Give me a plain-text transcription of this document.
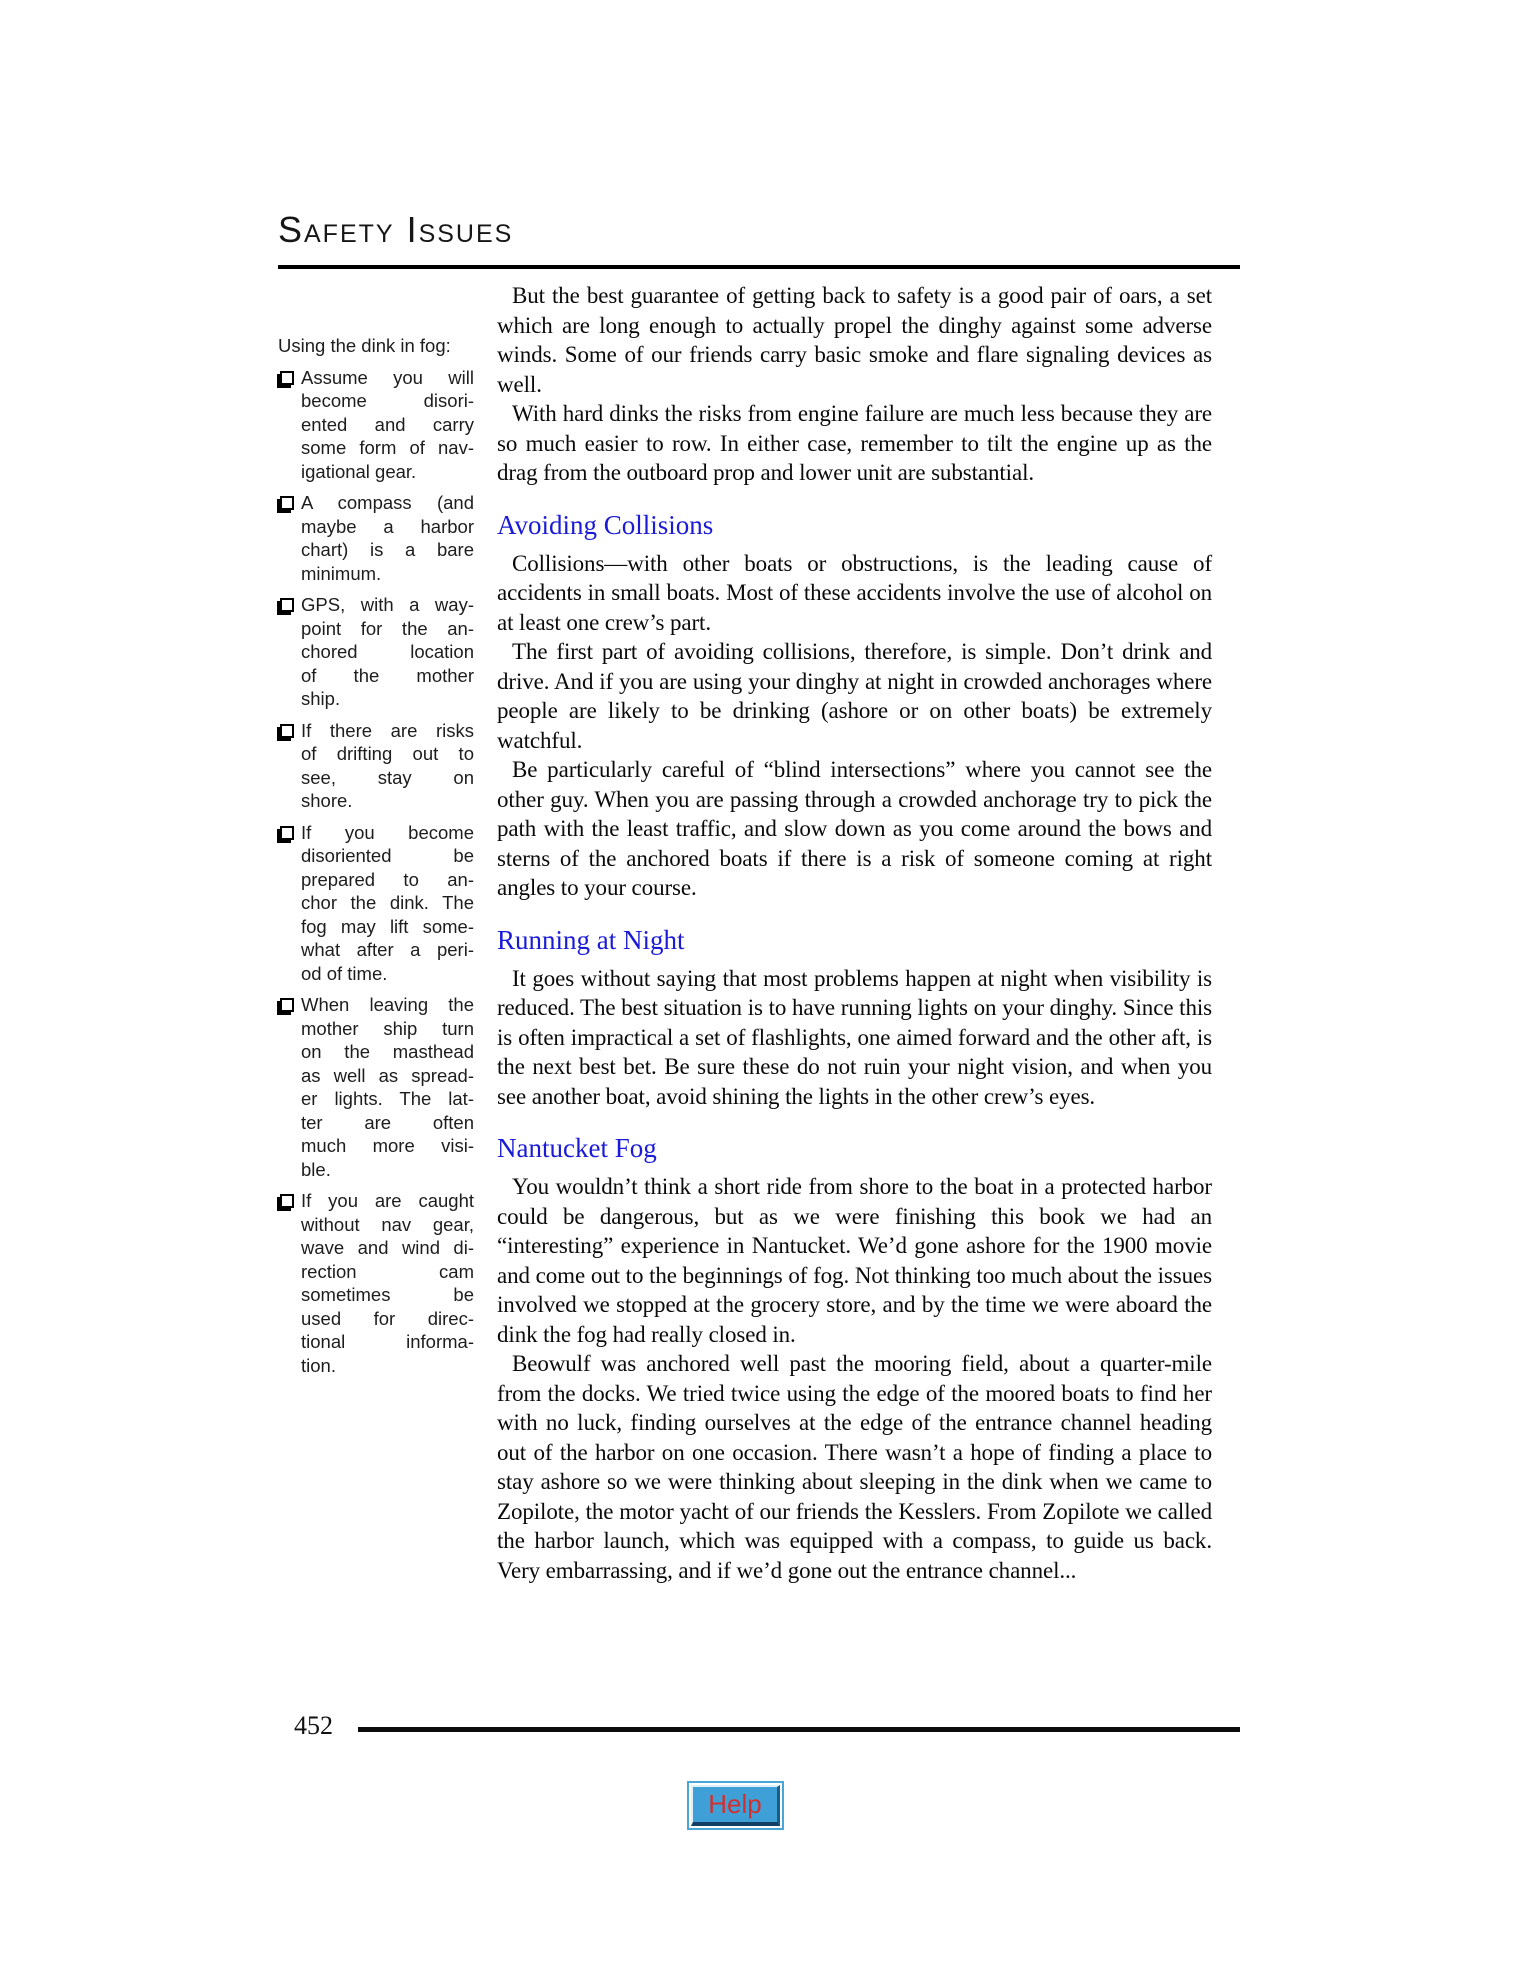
Safety Issues
Using the dink in fog:
Assume you will
become disori-
ented and carry
some form of nav-
igational gear.
A compass (and
maybe a harbor
chart) is a bare
minimum.
GPS, with a way-
point for the an-
chored location
of the mother
ship.
If there are risks
of drifting out to
see, stay on
shore.
If you become
disoriented be
prepared to an-
chor the dink. The
fog may lift some-
what after a peri-
od of time.
When leaving the
mother ship turn
on the masthead
as well as spread-
er lights. The lat-
ter are often
much more visi-
ble.
If you are caught
without nav gear,
wave and wind di-
rection cam
sometimes be
used for direc-
tional informa-
tion.

But the best guarantee of getting back to safety is a good pair of oars, a set which are long enough to actually propel the dinghy against some adverse winds. Some of our friends carry basic smoke and flare signaling devices as well.

With hard dinks the risks from engine failure are much less because they are so much easier to row. In either case, remember to tilt the engine up as the drag from the outboard prop and lower unit are substantial.

Avoiding Collisions

Collisions—with other boats or obstructions, is the leading cause of accidents in small boats. Most of these accidents involve the use of alcohol on at least one crew’s part.

The first part of avoiding collisions, therefore, is simple. Don’t drink and drive. And if you are using your dinghy at night in crowded anchorages where people are likely to be drinking (ashore or on other boats) be extremely watchful.

Be particularly careful of “blind intersections” where you cannot see the other guy. When you are passing through a crowded anchorage try to pick the path with the least traffic, and slow down as you come around the bows and sterns of the anchored boats if there is a risk of someone coming at right angles to your course.

Running at Night

It goes without saying that most problems happen at night when visibility is reduced. The best situation is to have running lights on your dinghy. Since this is often impractical a set of flashlights, one aimed forward and the other aft, is the next best bet. Be sure these do not ruin your night vision, and when you see another boat, avoid shining the lights in the other crew’s eyes.

Nantucket Fog

You wouldn’t think a short ride from shore to the boat in a protected harbor could be dangerous, but as we were finishing this book we had an “interesting” experience in Nantucket. We’d gone ashore for the 1900 movie and come out to the beginnings of fog. Not thinking too much about the issues involved we stopped at the grocery store, and by the time we were aboard the dink the fog had really closed in.

Beowulf was anchored well past the mooring field, about a quarter-mile from the docks. We tried twice using the edge of the moored boats to find her with no luck, finding ourselves at the edge of the entrance channel heading out of the harbor on one occasion. There wasn’t a hope of finding a place to stay ashore so we were thinking about sleeping in the dink when we came to Zopilote, the motor yacht of our friends the Kesslers. From Zopilote we called the harbor launch, which was equipped with a compass, to guide us back. Very embarrassing, and if we’d gone out the entrance channel...

452
Help
